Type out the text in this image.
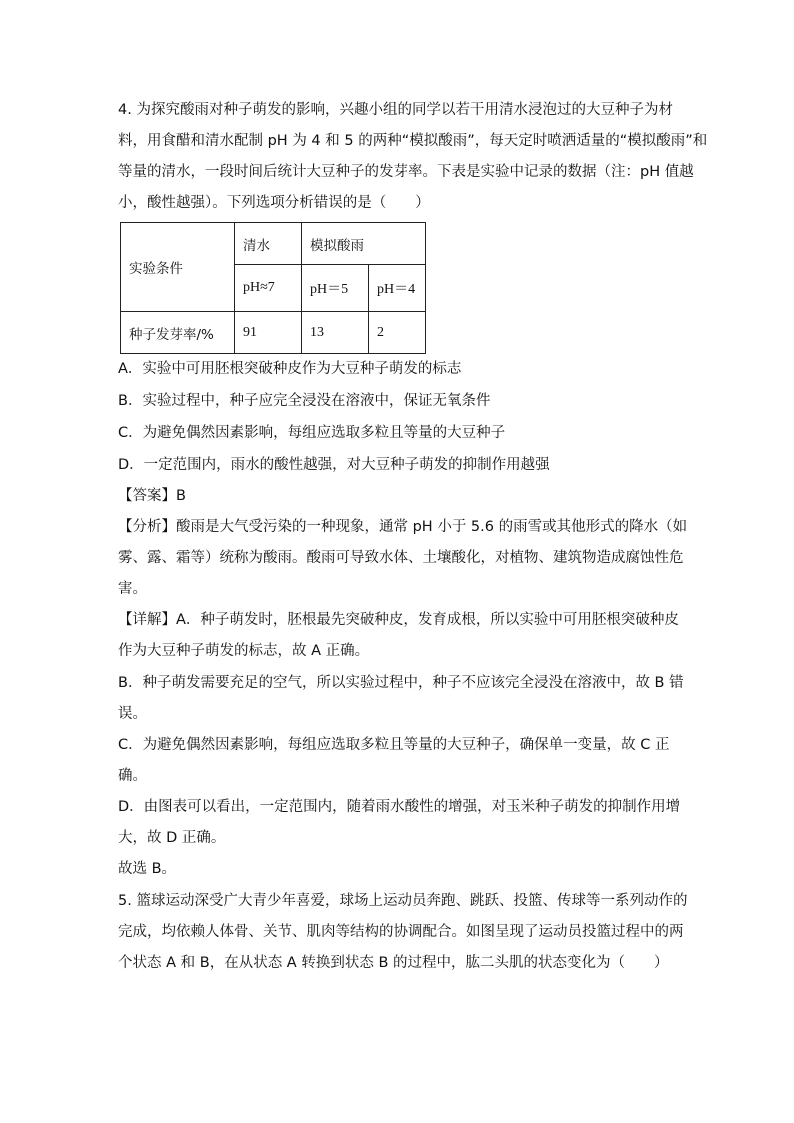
4. 为探究酸雨对种子萌发的影响，兴趣小组的同学以若干用清水浸泡过的大豆种子为材
料，用食醋和清水配制 pH 为 4 和 5 的两种“模拟酸雨”，每天定时喷洒适量的“模拟酸雨”和
等量的清水，一段时间后统计大豆种子的发芽率。下表是实验中记录的数据（注：pH 值越
小，酸性越强）。下列选项分析错误的是（　　）
实验条件	清水	模拟酸雨	
	pH≈7	pH＝5	pH＝4
种子发芽率/%	91	13	2
A．实验中可用胚根突破种皮作为大豆种子萌发的标志
B．实验过程中，种子应完全浸没在溶液中，保证无氧条件
C．为避免偶然因素影响，每组应选取多粒且等量的大豆种子
D．一定范围内，雨水的酸性越强，对大豆种子萌发的抑制作用越强
【答案】B
【分析】酸雨是大气受污染的一种现象，通常 pH 小于 5.6 的雨雪或其他形式的降水（如
雾、露、霜等）统称为酸雨。酸雨可导致水体、土壤酸化，对植物、建筑物造成腐蚀性危
害。
【详解】A．种子萌发时，胚根最先突破种皮，发育成根，所以实验中可用胚根突破种皮
作为大豆种子萌发的标志，故 A 正确。
B．种子萌发需要充足的空气，所以实验过程中，种子不应该完全浸没在溶液中，故 B 错
误。
C．为避免偶然因素影响，每组应选取多粒且等量的大豆种子，确保单一变量，故 C 正
确。
D．由图表可以看出，一定范围内，随着雨水酸性的增强，对玉米种子萌发的抑制作用增
大，故 D 正确。
故选 B。
5. 篮球运动深受广大青少年喜爱，球场上运动员奔跑、跳跃、投篮、传球等一系列动作的
完成，均依赖人体骨、关节、肌肉等结构的协调配合。如图呈现了运动员投篮过程中的两
个状态 A 和 B，在从状态 A 转换到状态 B 的过程中，肱二头肌的状态变化为（　　）
